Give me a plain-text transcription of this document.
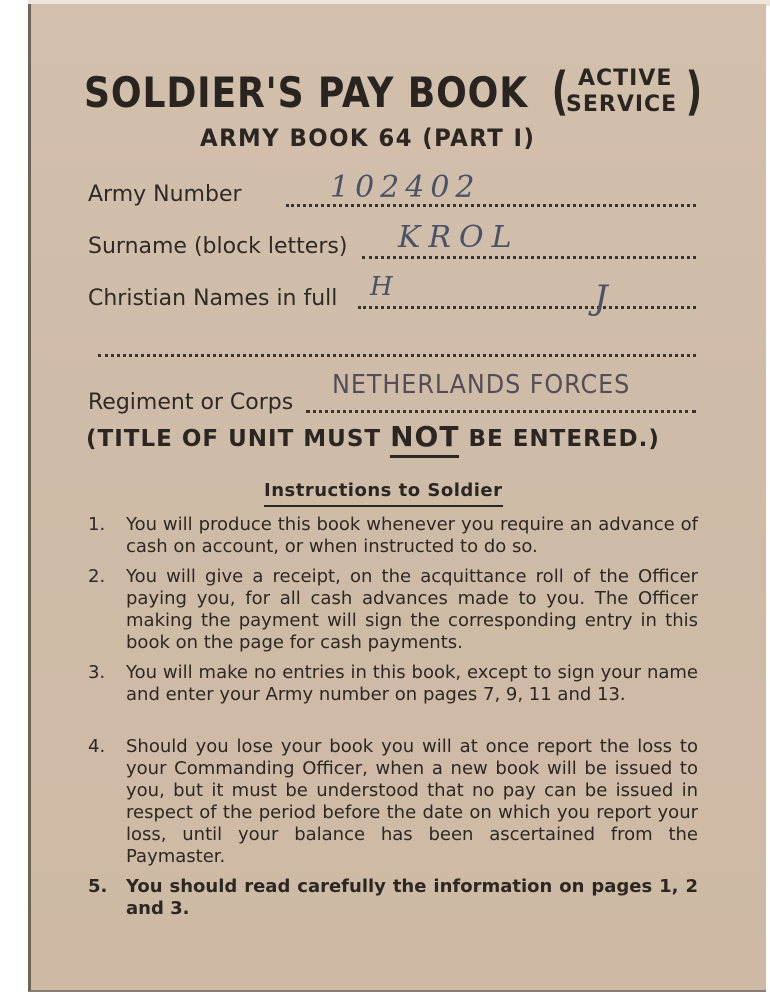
SOLDIER'S PAY BOOK ( ACTIVE
SERVICE )
ARMY BOOK 64 (PART I)
Army Number	102402
Surname (block letters) KROL
Christian Names in full H	J
Regiment or Corps
NETHERLANDS FORCES
(TITLE OF UNIT MUST NOT BE ENTERED.)
Instructions to Soldier
1. You will produce this book whenever you require an advance of cash on account, or when instructed to do so.
2. You will give a receipt, on the acquittance roll of the Officer paying you, for all cash advances made to you. The Officer making the payment will sign the corresponding entry in this book on the page for cash payments.
3. You will make no entries in this book, except to sign your name and enter your Army number on pages 7, 9, 11 and 13.
4. Should you lose your book you will at once report the loss to your Commanding Officer, when a new book will be issued to you, but it must be understood that no pay can be issued in respect of the period before the date on which you report your loss, until your balance has been ascertained from the Paymaster.
5. You should read carefully the information on pages 1, 2 and 3.
